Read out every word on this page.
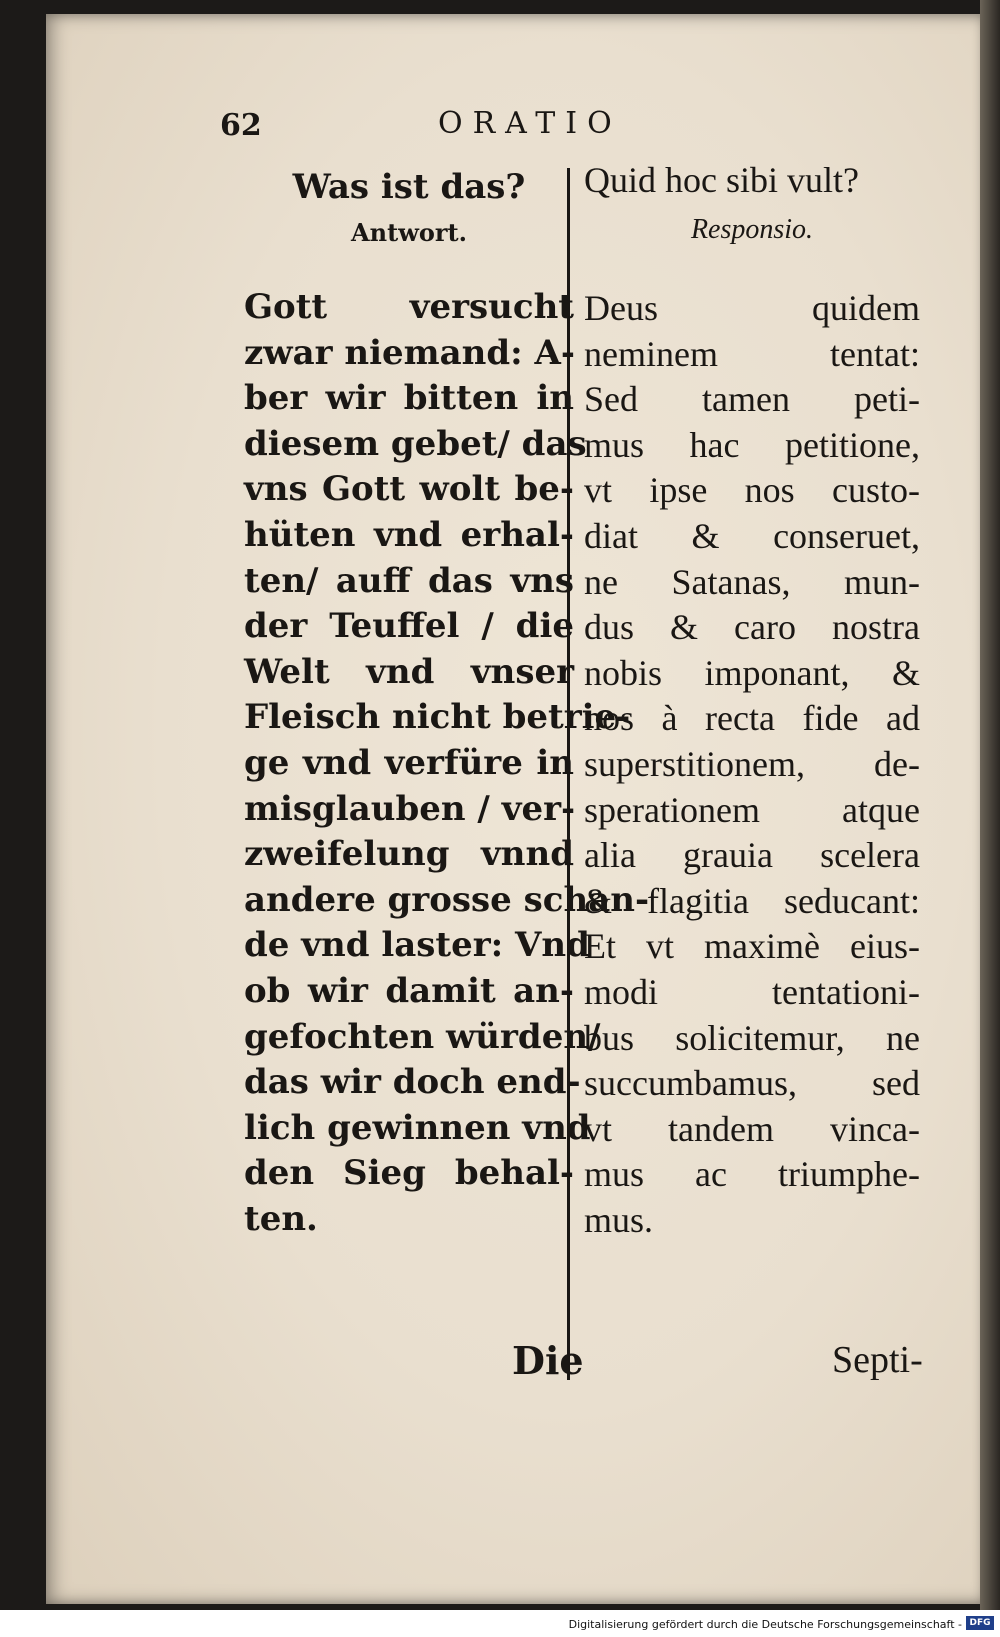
62	ORATIO
Was ist das?
Antwort.
Gott versucht
zwar niemand: A-
ber wir bitten in
diesem gebet/ das
vns Gott wolt be-
hüten vnd erhal-
ten/ auff das vns
der Teuffel / die
Welt vnd vnser
Fleisch nicht betrie-
ge vnd verfüre in
misglauben / ver-
zweifelung vnnd
andere grosse schan-
de vnd laster: Vnd
ob wir damit an-
gefochten würden/
das wir doch end-
lich gewinnen vnd
den Sieg behal-
ten.
Quid hoc sibi vult?
Responsio.
Deus quidem
neminem tentat:
Sed tamen peti-
mus hac petitione,
vt ipse nos custo-
diat & conseruet,
ne Satanas, mun-
dus & caro nostra
nobis imponant, &
nos à recta fide ad
superstitionem, de-
sperationem atque
alia grauia scelera
& flagitia seducant:
Et vt maximè eius-
modi tentationi-
bus solicitemur, ne
succumbamus, sed
vt tandem vinca-
mus ac triumphe-
mus.
Die	Septi-
Digitalisierung gefördert durch die Deutsche Forschungsgemeinschaft - DFG
